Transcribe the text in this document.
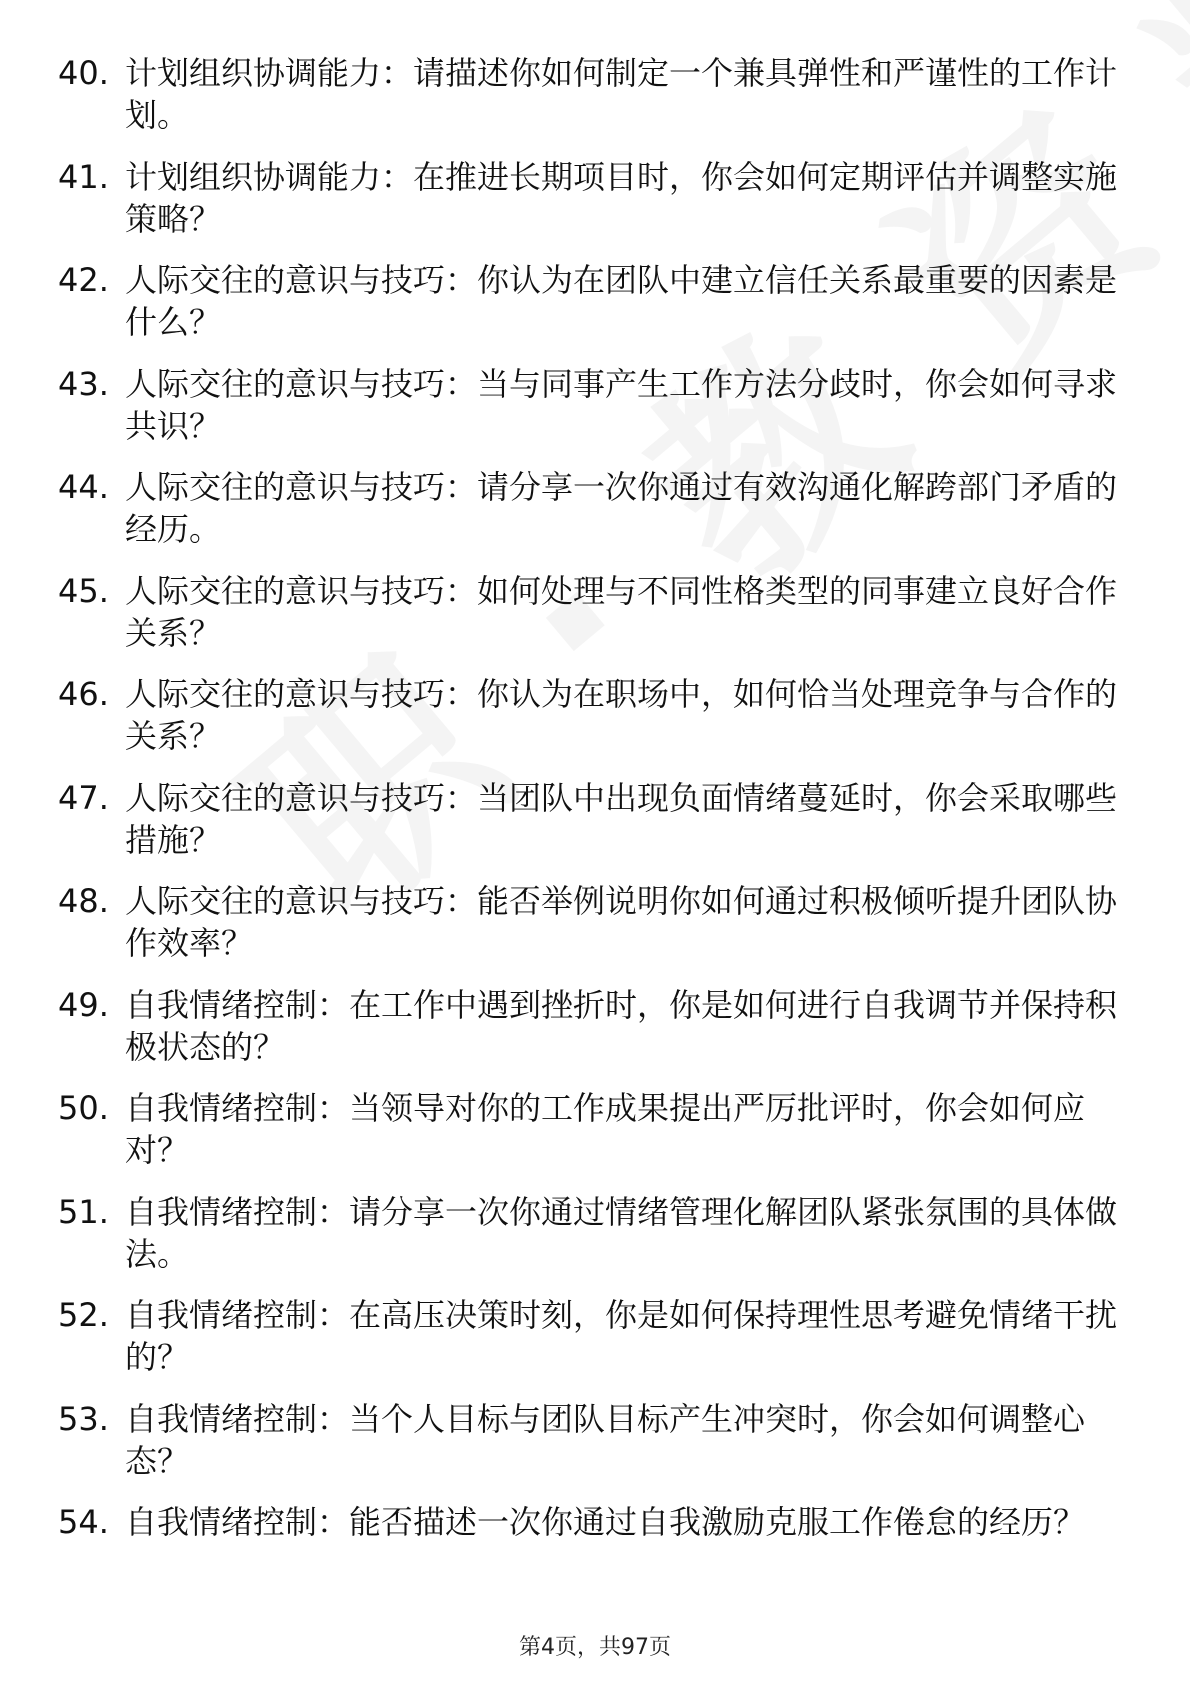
40. 计划组织协调能力：请描述你如何制定一个兼具弹性和严谨性的工作计划。
41. 计划组织协调能力：在推进长期项目时，你会如何定期评估并调整实施策略？
42. 人际交往的意识与技巧：你认为在团队中建立信任关系最重要的因素是什么？
43. 人际交往的意识与技巧：当与同事产生工作方法分歧时，你会如何寻求共识？
44. 人际交往的意识与技巧：请分享一次你通过有效沟通化解跨部门矛盾的经历。
45. 人际交往的意识与技巧：如何处理与不同性格类型的同事建立良好合作关系？
46. 人际交往的意识与技巧：你认为在职场中，如何恰当处理竞争与合作的关系？
47. 人际交往的意识与技巧：当团队中出现负面情绪蔓延时，你会采取哪些措施？
48. 人际交往的意识与技巧：能否举例说明你如何通过积极倾听提升团队协作效率？
49. 自我情绪控制：在工作中遇到挫折时，你是如何进行自我调节并保持积极状态的？
50. 自我情绪控制：当领导对你的工作成果提出严厉批评时，你会如何应对？
51. 自我情绪控制：请分享一次你通过情绪管理化解团队紧张氛围的具体做法。
52. 自我情绪控制：在高压决策时刻，你是如何保持理性思考避免情绪干扰的？
53. 自我情绪控制：当个人目标与团队目标产生冲突时，你会如何调整心态？
54. 自我情绪控制：能否描述一次你通过自我激励克服工作倦怠的经历？
第4页，共97页
